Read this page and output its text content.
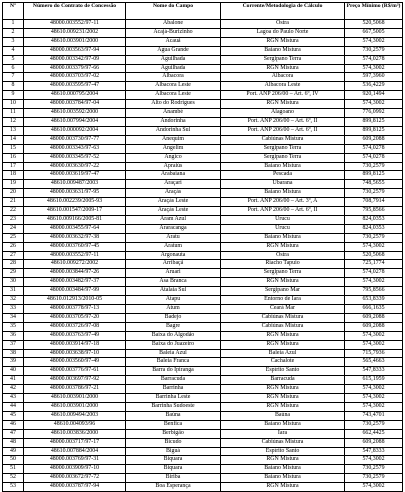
Nº	Número do Contrato de Concessão	Nome do Campo	Corrente/Metodologia de Cálculo	Preço Mínimo (R$/m³)
1	48000.003552/97-11	Abalone	Ostra	520,5068
2	48610.009231/2002	Acajá-Burizinho	Lagoa do Paulo Norte	667,5005
3	48610.003901/2000	Acauã	RGN Mistura	574,3002
4	48000.003563/97-94	Água Grande	Baiano Mistura	730,2579
5	48000.003342/97-09	Aguilhada	Sergipano Terra	574,0278
6	48000.003379/97-66	Aguilhada	RGN Mistura	574,3002
7	48000.003703/97-02	Albacora	Albacora	597,3960
8	48000.003595/97-47	Albacora Leste	Albacora Leste	536,4229
9	48610.000795/2004	Albacora Leste	Port. ANP 206/00 – Art. 6º, IV	920,1494
10	48000.003784/97-04	Alto do Rodrigues	RGN Mistura	574,3002
11	48610.003592/2000	Anambé	Alagoano	776,0992
12	48610.007994/2004	Andorinha	Port. ANP 206/00 – Art. 6º, II	899,8125
13	48610.000092/2004	Andorinha Sul	Port. ANP 206/00 – Art. 6º, II	899,8125
14	48000.003730/97-77	Anequim	Cabiúnas Mistura	609,2088
15	48000.003343/97-63	Angelim	Sergipano Terra	574,0278
16	48000.003345/97-52	Angico	Sergipano Terra	574,0278
17	48000.003630/97-22	Apraiús	Baiano Mistura	730,2579
18	48000.003619/97-47	Arabaiana	Pescada	899,8125
19	48610.009487/2003	Araçari	Ubarana	748,5655
20	48000.003631/97-95	Araçás	Baiano Mistura	730,2579
21	48610.002239/2005-93	Araçás Leste	Port. ANP 206/00 – Art. 3º, A	708,7914
22	48610.001547/2009-17	Araçás Leste	Port. ANP 206/00 – Art. 6º, II	795,8566
23	48610.009166/2005-81	Aram Azul	Urucu	824,0353
24	48000.003455/97-64	Araracanga	Urucu	824,0353
25	48000.003632/97-38	Aratu	Baiano Mistura	730,2579
26	48000.003760/97-45	Aratum	RGN Mistura	574,3002
27	48000.003552/97-11	Argonauta	Ostra	520,5068
28	48610.009272/2002	Arribaçã	Riacho Tapuio	725,1774
29	48000.003844/97-26	Aruari	Sergipano Terra	574,0278
30	48000.003482/97-37	Asa Branca	RGN Mistura	574,3002
31	48000.003484/97-99	Atalaia Sul	Sergipano Mar	795,8566
32	48610.012913/2010-05	Atapu	Entorno de Iara	653,8339
33	48000.003778/97-13	Atum	Ceará Mar	666,1635
34	48000.003705/97-20	Badejo	Cabiúnas Mistura	609,2088
35	48000.003726/97-08	Bagre	Cabiúnas Mistura	609,2088
36	48000.003763/97-49	Baixa do Algodão	RGN Mistura	574,3002
37	48000.003914/97-18	Baixa do Juazeiro	RGN Mistura	574,3002
38	48000.003638/97-10	Baleia Azul	Baleia Azul	715,7936
39	48000.003560/97-49	Baleia Franca	Cachalote	565,4663
40	48000.003776/97-61	Barra do Ipiranga	Espírito Santo	547,8333
41	48000.003697/97-92	Barracuda	Barracuda	615,1959
42	48000.003786/97-21	Barrinha	RGN Mistura	574,3002
43	48610.003901/2000	Barrinha Leste	RGN Mistura	574,3002
44	48610.003901/2000	Barrinha Sudoeste	RGN Mistura	574,3002
45	48610.009494/2003	Baúna	Baúna	743,4701
46	48610.004093/96	Benfica	Baiano Mistura	730,2579
47	48610.003836/2000	Berbigão	Iara	662,4425
48	48000.003717/97-17	Bicudo	Cabiúnas Mistura	609,2088
49	48610.007884/2004	Biguá	Espírito Santo	547,8333
50	48000.003769/97-31	Biquara	RGN Mistura	574,3002
51	48000.003909/97-10	Biquara	Baiano Mistura	730,2579
52	48000.003672/97-72	Biriba	Baiano Mistura	730,2579
53	48000.003787/97-94	Boa Esperança	RGN Mistura	574,3002
